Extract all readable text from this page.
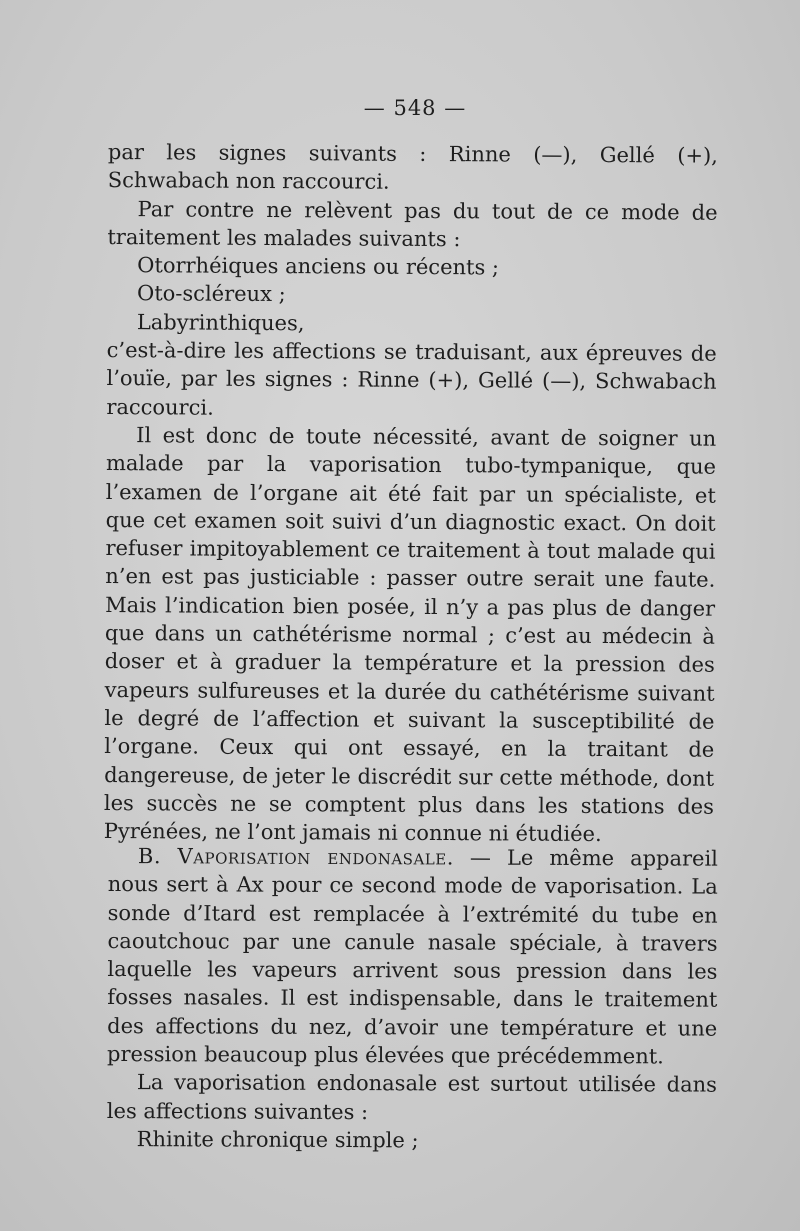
— 548 —

par les signes suivants : Rinne (—), Gellé (+), Schwabach non raccourci.

Par contre ne relèvent pas du tout de ce mode de traitement les malades suivants :

Otorrhéiques anciens ou récents ;

Oto-scléreux ;

Labyrinthiques,

c’est-à-dire les affections se traduisant, aux épreuves de l’ouïe, par les signes : Rinne (+), Gellé (—), Schwabach raccourci.

Il est donc de toute nécessité, avant de soigner un malade par la vaporisation tubo-tympanique, que l’examen de l’organe ait été fait par un spécialiste, et que cet examen soit suivi d’un diagnostic exact. On doit refuser impitoyablement ce traitement à tout malade qui n’en est pas justiciable : passer outre serait une faute. Mais l’indication bien posée, il n’y a pas plus de danger que dans un cathétérisme normal ; c’est au médecin à doser et à graduer la température et la pression des vapeurs sulfureuses et la durée du cathétérisme suivant le degré de l’affection et suivant la susceptibilité de l’organe. Ceux qui ont essayé, en la traitant de dangereuse, de jeter le discrédit sur cette méthode, dont les succès ne se comptent plus dans les stations des Pyrénées, ne l’ont jamais ni connue ni étudiée.

B. Vaporisation endonasale. — Le même appareil nous sert à Ax pour ce second mode de vaporisation. La sonde d’Itard est remplacée à l’extrémité du tube en caoutchouc par une canule nasale spéciale, à travers laquelle les vapeurs arrivent sous pression dans les fosses nasales. Il est indispensable, dans le traitement des affections du nez, d’avoir une température et une pression beaucoup plus élevées que précédemment.

La vaporisation endonasale est surtout utilisée dans les affections suivantes :

Rhinite chronique simple ;
